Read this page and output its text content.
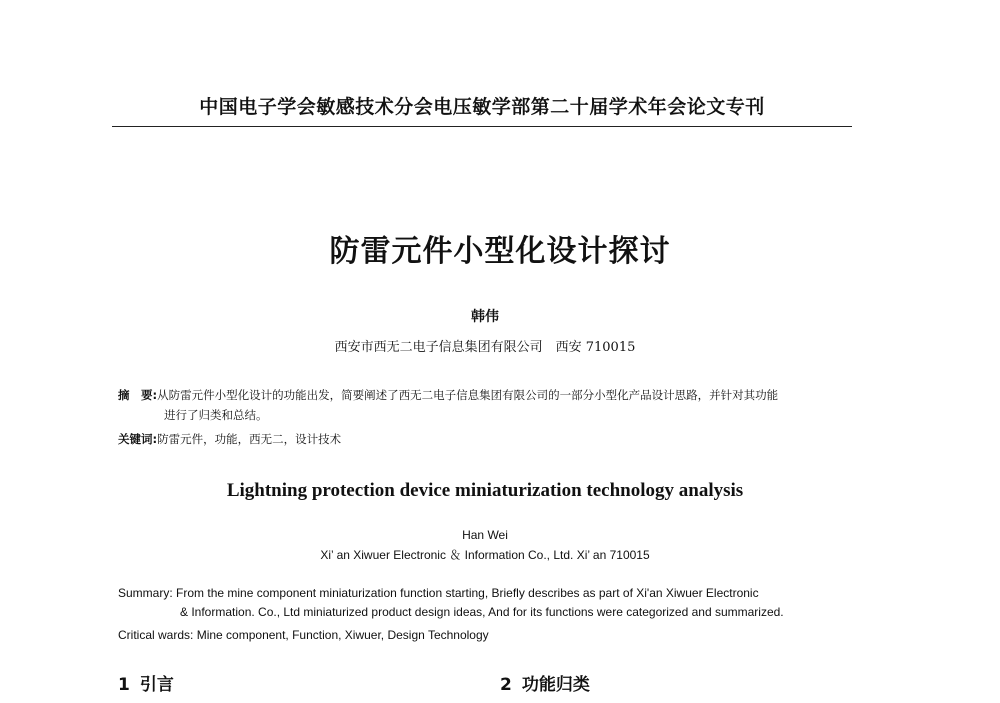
中国电子学会敏感技术分会电压敏学部第二十届学术年会论文专刊
防雷元件小型化设计探讨
韩伟
西安市西无二电子信息集团有限公司　西安 710015
摘　要:从防雷元件小型化设计的功能出发，简要阐述了西无二电子信息集团有限公司的一部分小型化产品设计思路，并针对其功能
进行了归类和总结。
关键词:防雷元件，功能，西无二，设计技术
Lightning protection device miniaturization technology analysis
Han Wei
Xi’ an Xiwuer Electronic ＆ Information Co., Ltd. Xi’ an 710015
Summary: From the mine component miniaturization function starting, Briefly describes as part of Xi'an Xiwuer Electronic
& Information. Co., Ltd miniaturized product design ideas, And for its functions were categorized and summarized.
Critical wards: Mine component, Function, Xiwuer, Design Technology
1 引言	2 功能归类
